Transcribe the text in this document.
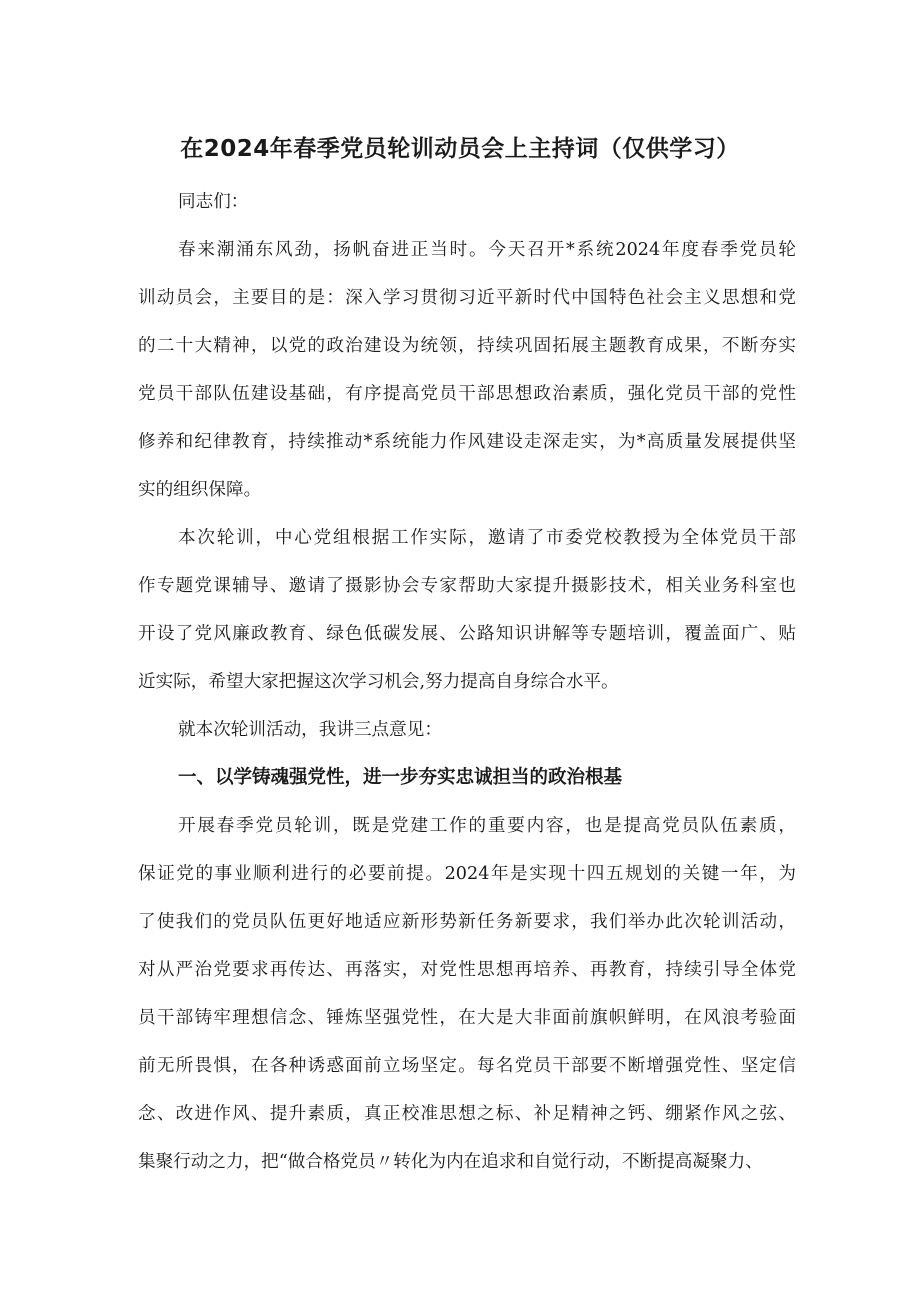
在2024年春季党员轮训动员会上主持词（仅供学习）
同志们：
春来潮涌东风劲，扬帆奋进正当时。今天召开*系统2024年度春季党员轮
训动员会，主要目的是：深入学习贯彻习近平新时代中国特色社会主义思想和党
的二十大精神，以党的政治建设为统领，持续巩固拓展主题教育成果，不断夯实
党员干部队伍建设基础，有序提高党员干部思想政治素质，强化党员干部的党性
修养和纪律教育，持续推动*系统能力作风建设走深走实，为*高质量发展提供坚
实的组织保障。
本次轮训，中心党组根据工作实际，邀请了市委党校教授为全体党员干部
作专题党课辅导、邀请了摄影协会专家帮助大家提升摄影技术，相关业务科室也
开设了党风廉政教育、绿色低碳发展、公路知识讲解等专题培训，覆盖面广、贴
近实际，希望大家把握这次学习机会,努力提高自身综合水平。
就本次轮训活动，我讲三点意见：
一、以学铸魂强党性，进一步夯实忠诚担当的政治根基
开展春季党员轮训，既是党建工作的重要内容，也是提高党员队伍素质，
保证党的事业顺利进行的必要前提。2024年是实现十四五规划的关键一年，为
了使我们的党员队伍更好地适应新形势新任务新要求，我们举办此次轮训活动，
对从严治党要求再传达、再落实，对党性思想再培养、再教育，持续引导全体党
员干部铸牢理想信念、锤炼坚强党性，在大是大非面前旗帜鲜明，在风浪考验面
前无所畏惧，在各种诱惑面前立场坚定。每名党员干部要不断增强党性、坚定信
念、改进作风、提升素质，真正校准思想之标、补足精神之钙、绷紧作风之弦、
集聚行动之力，把“做合格党员〃转化为内在追求和自觉行动，不断提高凝聚力、
